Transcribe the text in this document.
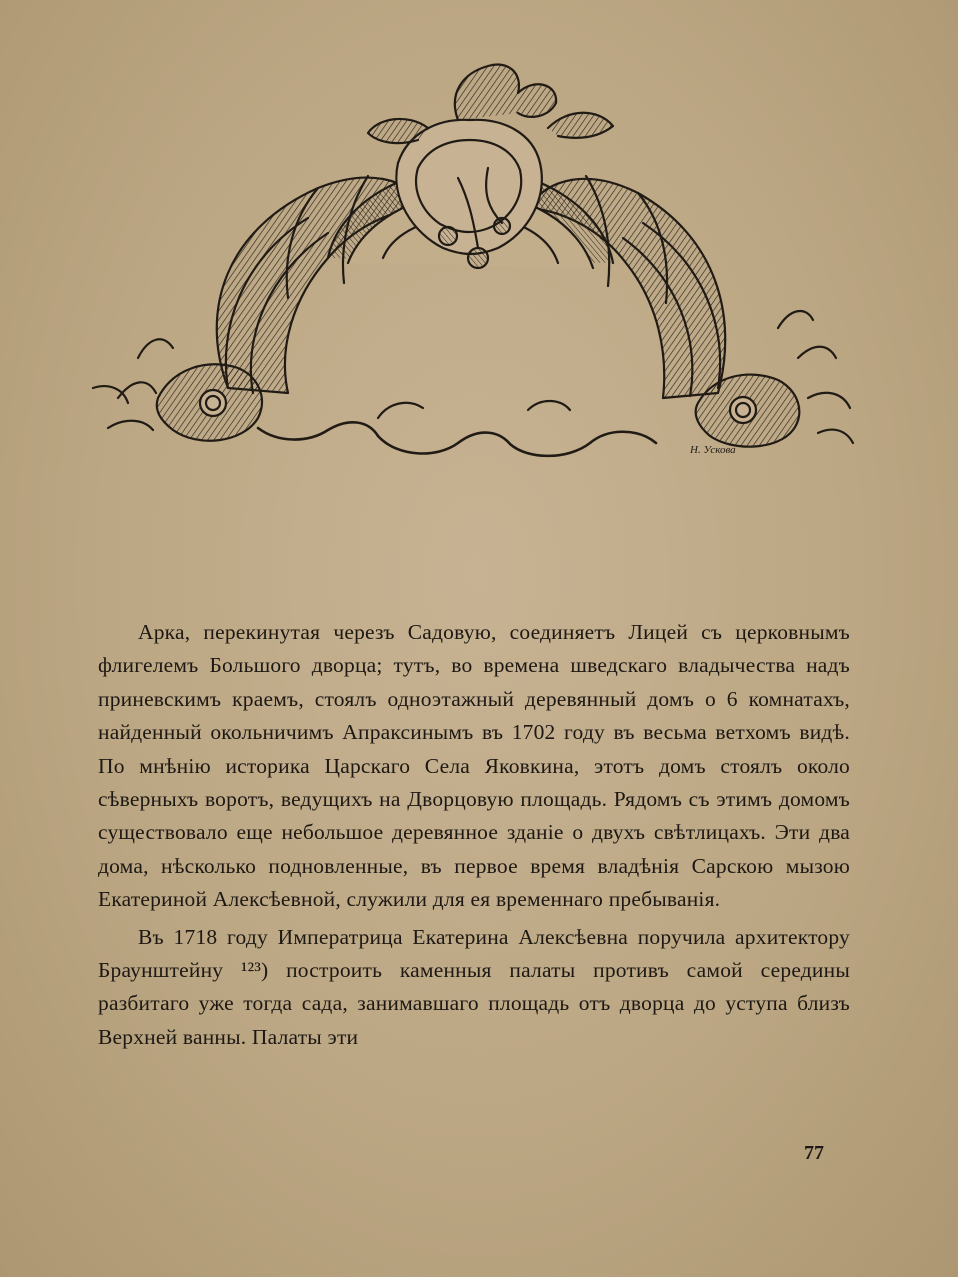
Н. Ускова

Арка, перекинутая черезъ Садовую, соединяетъ Лицей съ церковнымъ флигелемъ Большого дворца; тутъ, во времена шведскаго владычества надъ приневскимъ краемъ, стоялъ одноэтажный деревянный домъ о 6 комнатахъ, найденный окольничимъ Апраксинымъ въ 1702 году въ весьма ветхомъ видѣ. По мнѣнію историка Царскаго Села Яковкина, этотъ домъ стоялъ около сѣверныхъ воротъ, ведущихъ на Дворцовую площадь. Рядомъ съ этимъ домомъ существовало еще небольшое деревянное зданіе о двухъ свѣтлицахъ. Эти два дома, нѣсколько подновленные, въ первое время владѣнія Сарскою мызою Екатериной Алексѣевной, служили для ея временнаго пребыванія.

Въ 1718 году Императрица Екатерина Алексѣевна поручила архитектору Браунштейну ¹²³) построить каменныя палаты противъ самой середины разбитаго уже тогда сада, занимавшаго площадь отъ дворца до уступа близъ Верхней ванны. Палаты эти

77
